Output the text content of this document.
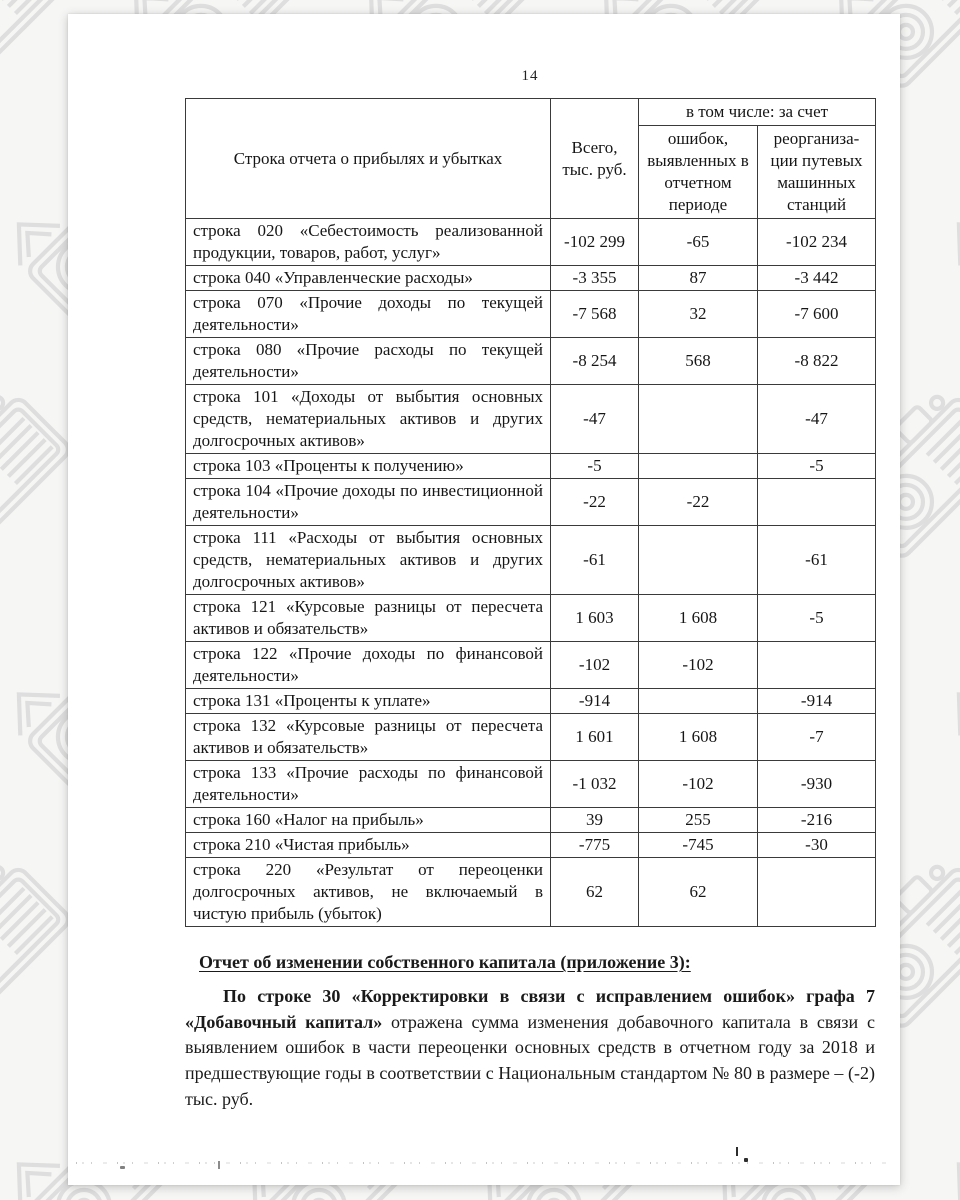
14
Строка отчета о прибылях и убытках	Всего, тыс. руб.	в том числе: за счет	
		ошибок, выявленных в отчетном периоде	реорганиза-ции путевых машинных станций
строка 020 «Себестоимость реализованной продукции, товаров, работ, услуг»	-102 299	-65	-102 234
строка 040 «Управленческие расходы»	-3 355	87	-3 442
строка 070 «Прочие доходы по текущей деятельности»	-7 568	32	-7 600
строка 080 «Прочие расходы по текущей деятельности»	-8 254	568	-8 822
строка 101 «Доходы от выбытия основных средств, нематериальных активов и других долгосрочных активов»	-47		-47
строка 103 «Проценты к получению»	-5		-5
строка 104 «Прочие доходы по инвестиционной деятельности»	-22	-22	
строка 111 «Расходы от выбытия основных средств, нематериальных активов и других долгосрочных активов»	-61		-61
строка 121 «Курсовые разницы от пересчета активов и обязательств»	1 603	1 608	-5
строка 122 «Прочие доходы по финансовой деятельности»	-102	-102	
строка 131 «Проценты к уплате»	-914		-914
строка 132 «Курсовые разницы от пересчета активов и обязательств»	1 601	1 608	-7
строка 133 «Прочие расходы по финансовой деятельности»	-1 032	-102	-930
строка 160 «Налог на прибыль»	39	255	-216
строка 210 «Чистая прибыль»	-775	-745	-30
строка 220 «Результат от переоценки долгосрочных активов, не включаемый в чистую прибыль (убыток)	62	62	
Отчет об изменении собственного капитала (приложение 3):

По строке 30 «Корректировки в связи с исправлением ошибок» графа 7 «Добавочный капитал» отражена сумма изменения добавочного капитала в связи с выявлением ошибок в части переоценки основных средств в отчетном году за 2018 и предшествующие годы в соответствии с Национальным стандартом № 80 в размере – (-2) тыс. руб.
